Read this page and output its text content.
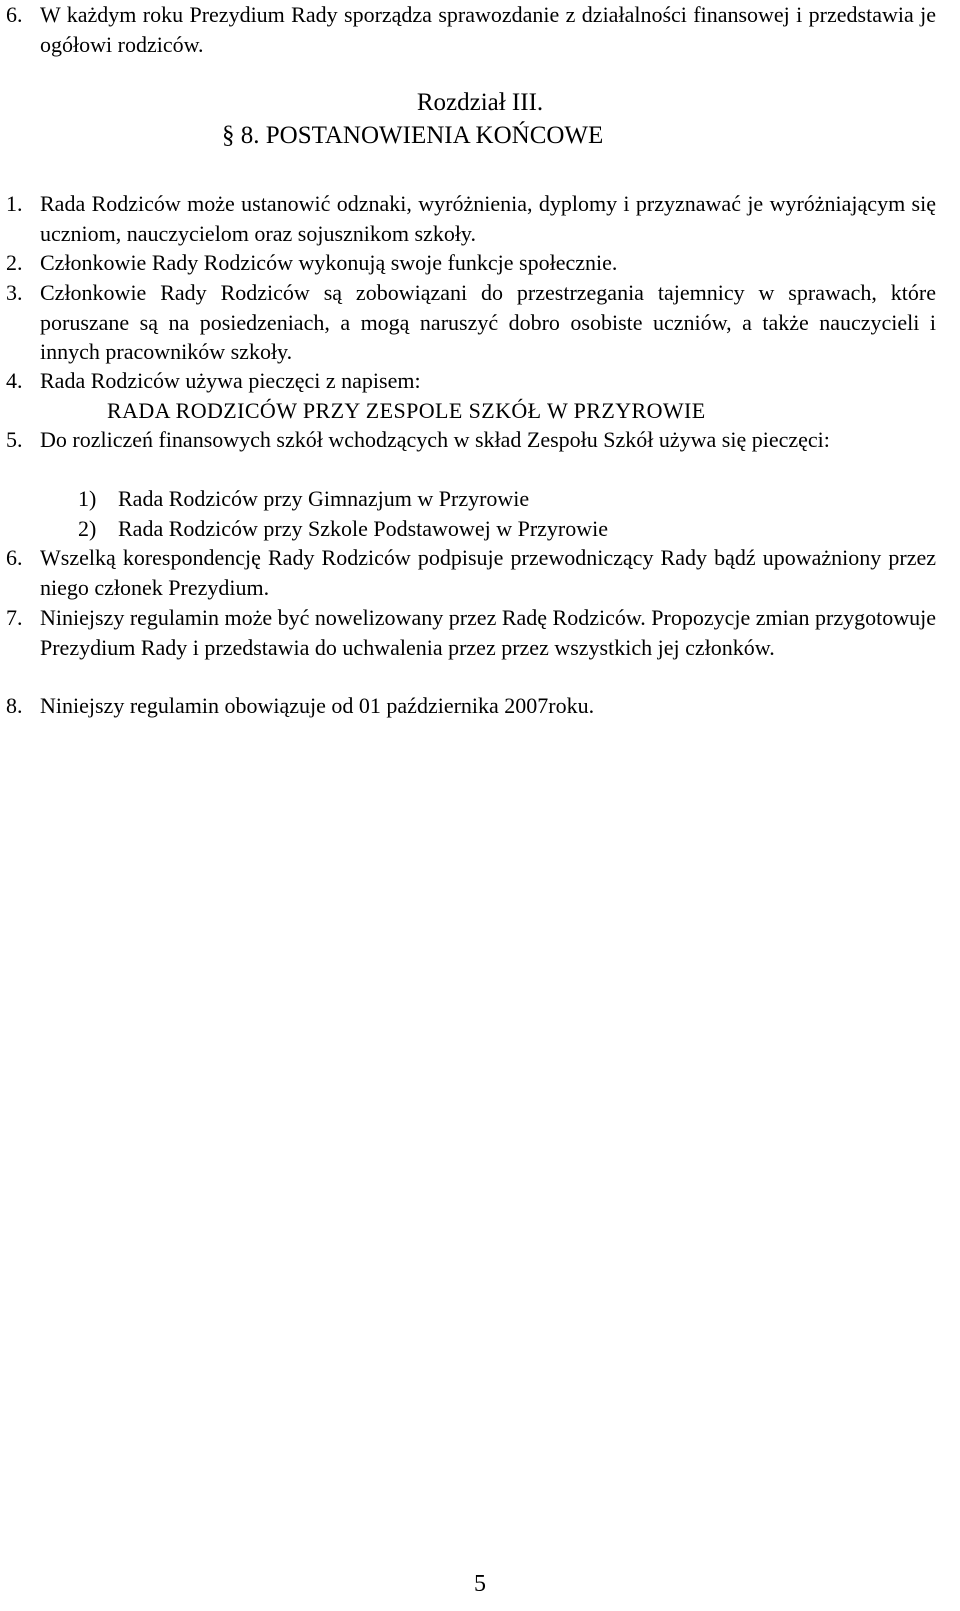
6. W każdym roku Prezydium Rady sporządza sprawozdanie z działalności finansowej i przedstawia je ogółowi rodziców.
Rozdział III.
§ 8. POSTANOWIENIA KOŃCOWE
1. Rada Rodziców może ustanowić odznaki, wyróżnienia, dyplomy i przyznawać je wyróżniającym się uczniom, nauczycielom oraz sojusznikom szkoły.
2. Członkowie Rady Rodziców wykonują swoje funkcje społecznie.
3. Członkowie Rady Rodziców są zobowiązani do przestrzegania tajemnicy w sprawach, które poruszane są na posiedzeniach, a mogą naruszyć dobro osobiste uczniów, a także nauczycieli i innych pracowników szkoły.
4. Rada Rodziców używa pieczęci z napisem:
RADA RODZICÓW PRZY ZESPOLE SZKÓŁ W PRZYROWIE
5. Do rozliczeń finansowych szkół wchodzących w skład Zespołu Szkół używa się pieczęci:
1) Rada Rodziców przy Gimnazjum w Przyrowie
2) Rada Rodziców przy Szkole Podstawowej w Przyrowie
6. Wszelką korespondencję Rady Rodziców podpisuje przewodniczący Rady bądź upoważniony przez niego członek Prezydium.
7. Niniejszy regulamin może być nowelizowany przez Radę Rodziców. Propozycje zmian przygotowuje Prezydium Rady i przedstawia do uchwalenia przez przez wszystkich jej członków.
8. Niniejszy regulamin obowiązuje od 01 października 2007roku.
5
